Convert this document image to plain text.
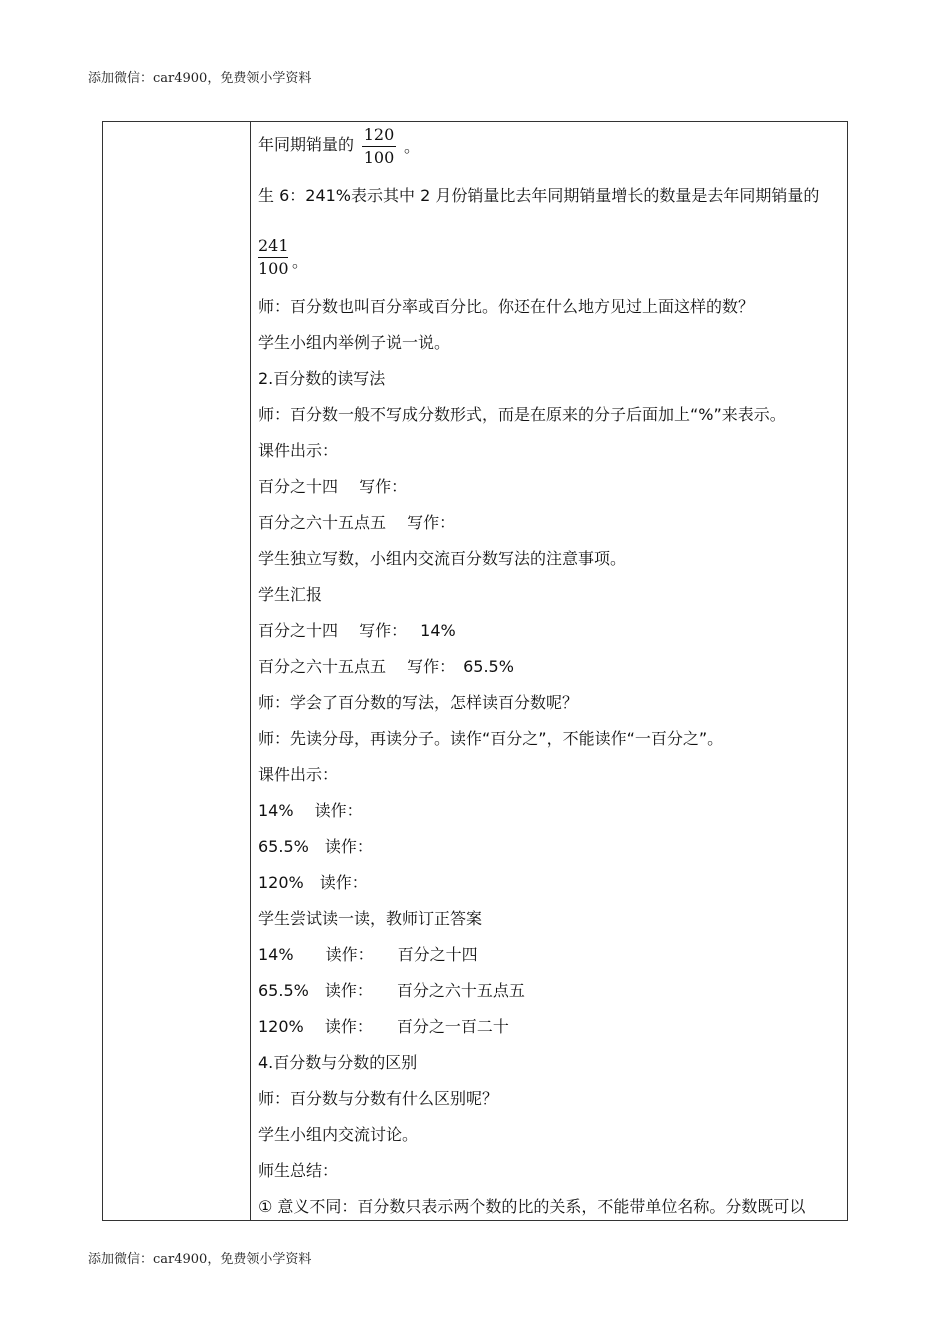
添加微信：car4900，免费领小学资料
年同期销量的
120
100
。
生 6：241%表示其中 2 月份销量比去年同期销量增长的数量是去年同期销量的
241
100 。
师：百分数也叫百分率或百分比。你还在什么地方见过上面这样的数？
学生小组内举例子说一说。
2.百分数的读写法
师：百分数一般不写成分数形式，而是在原来的分子后面加上“%”来表示。
课件出示：
百分之十四　 写作：
百分之六十五点五　 写作：
学生独立写数，小组内交流百分数写法的注意事项。
学生汇报
百分之十四　 写作：　 14%
百分之六十五点五　 写作：　65.5%
师：学会了百分数的写法，怎样读百分数呢？
师：先读分母，再读分子。读作“百分之”，不能读作“一百分之”。
课件出示：
14%　 读作：
65.5%　读作：
120%　读作：
学生尝试读一读，教师订正答案
14%　　读作：　　百分之十四
65.5%　读作：　　百分之六十五点五
120%　 读作：　　百分之一百二十
4.百分数与分数的区别
师：百分数与分数有什么区别呢？
学生小组内交流讨论。
师生总结：
① 意义不同：百分数只表示两个数的比的关系，不能带单位名称。分数既可以
添加微信：car4900，免费领小学资料
